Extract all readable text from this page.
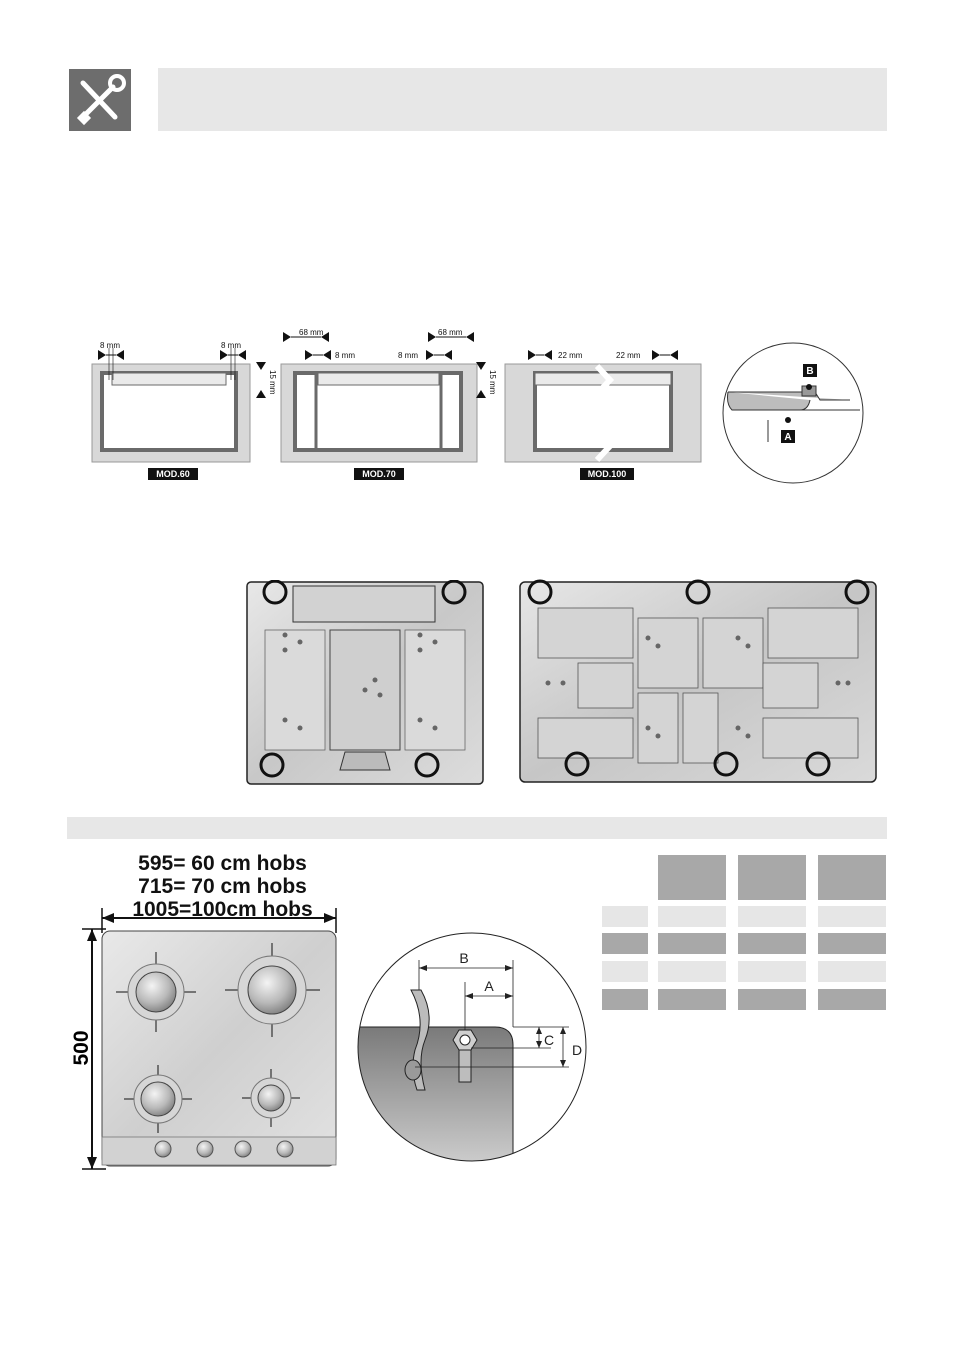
8 mm	8 mm
15 mm
MOD.60
68 mm
8 mm	8 mm
68 mm
15 mm
MOD.70
22 mm	22 mm
MOD.100
B
A
595= 60 cm hobs
715= 70 cm hobs
1005=100cm hobs
500
B
A
C
D
